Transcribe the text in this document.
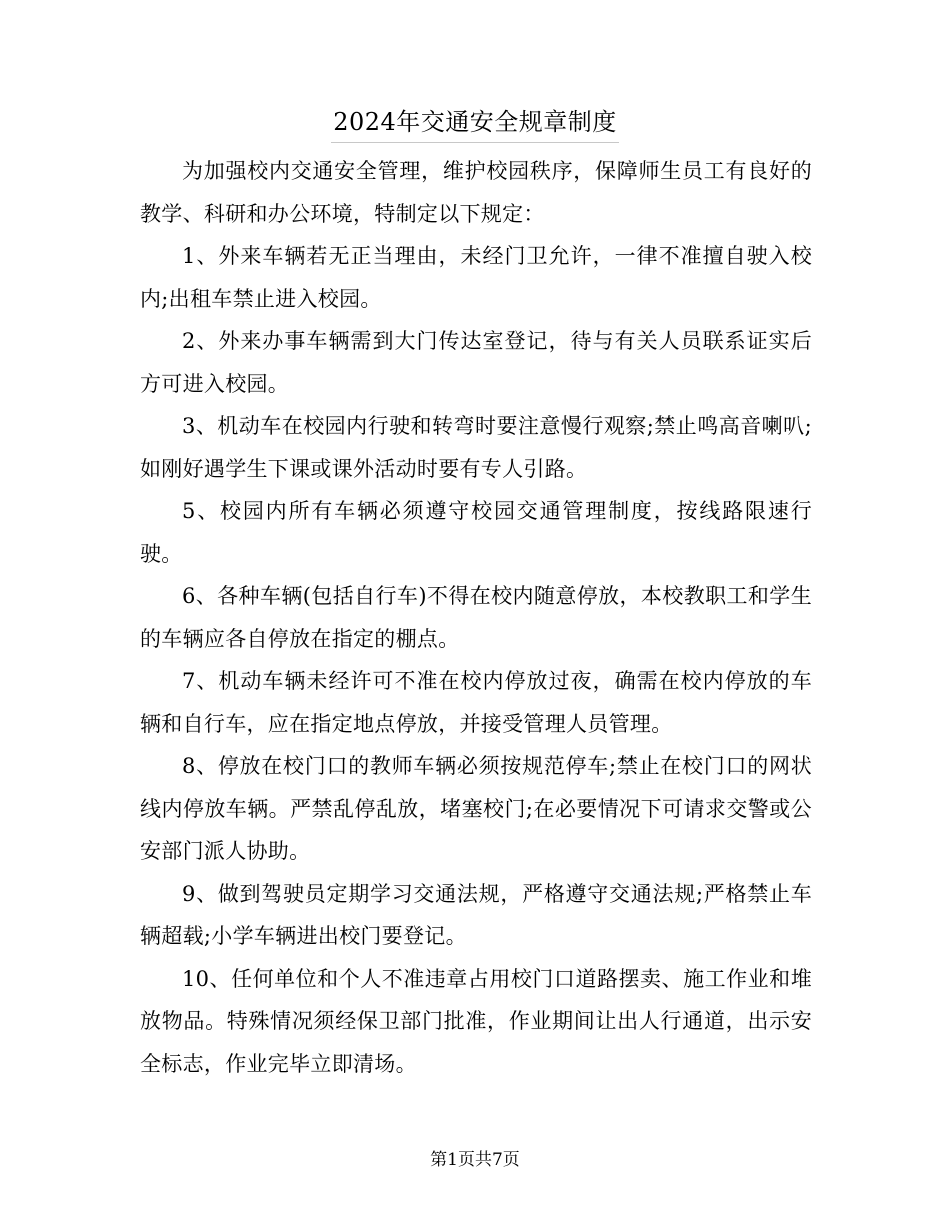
2024年交通安全规章制度

为加强校内交通安全管理，维护校园秩序，保障师生员工有良好的教学、科研和办公环境，特制定以下规定：

1、外来车辆若无正当理由，未经门卫允许，一律不准擅自驶入校内;出租车禁止进入校园。

2、外来办事车辆需到大门传达室登记，待与有关人员联系证实后方可进入校园。

3、机动车在校园内行驶和转弯时要注意慢行观察;禁止鸣高音喇叭;如刚好遇学生下课或课外活动时要有专人引路。

5、校园内所有车辆必须遵守校园交通管理制度，按线路限速行驶。

6、各种车辆(包括自行车)不得在校内随意停放，本校教职工和学生的车辆应各自停放在指定的棚点。

7、机动车辆未经许可不准在校内停放过夜，确需在校内停放的车辆和自行车，应在指定地点停放，并接受管理人员管理。

8、停放在校门口的教师车辆必须按规范停车;禁止在校门口的网状线内停放车辆。严禁乱停乱放，堵塞校门;在必要情况下可请求交警或公安部门派人协助。

9、做到驾驶员定期学习交通法规，严格遵守交通法规;严格禁止车辆超载;小学车辆进出校门要登记。

10、任何单位和个人不准违章占用校门口道路摆卖、施工作业和堆放物品。特殊情况须经保卫部门批准，作业期间让出人行通道，出示安全标志，作业完毕立即清场。

第1页共7页
